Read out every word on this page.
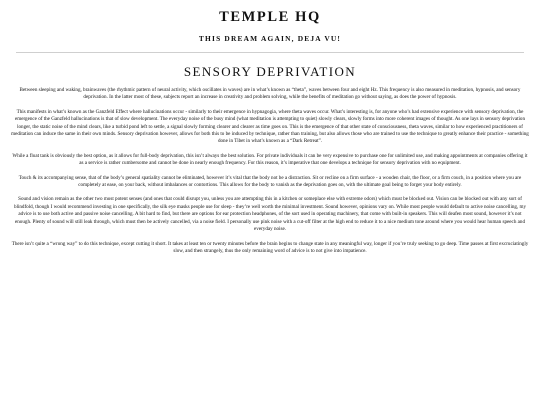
TEMPLE HQ

THIS DREAM AGAIN, DEJA VU!

SENSORY DEPRIVATION

Between sleeping and waking, brainwaves (the rhythmic pattern of neural activity, which oscillates in waves) are in what’s known as “theta”, waves between four and eight Hz. This frequency is also measured in meditation, hypnosis, and sensory deprivation. In the latter most of these, subjects report an increase in creativity and problem solving, while the benefits of meditation go without saying, as does the power of hypnosis.

This manifests in what’s known as the Ganzfeld Effect where hallucinations occur - similarly to their emergence in hypnagogia, where theta waves occur. What’s interesting is, for anyone who’s had extensive experience with sensory deprivation, the emergence of the Ganzfeld hallucinations is that of slow development. The everyday noise of the busy mind (what meditation is attempting to quiet) slowly clears, slowly forms into more coherent images of thought. As one lays in sensory deprivation longer, the static noise of the mind clears, like a turbid pond left to settle, a signal slowly forming clearer and clearer as time goes on. This is the emergence of that other state of consciousness, theta waves, similar to how experienced practitioners of meditation can induce the same in their own minds. Sensory deprivation however, allows for both this to be induced by technique, rather than training, but also allows those who are trained to use the technique to greatly enhance their practice - something done in Tibet in what’s known as a “Dark Retreat”.

While a float tank is obviously the best option, as it allows for full-body deprivation, this isn’t always the best solution. For private individuals it can be very expensive to purchase one for unlimited use, and making appointments at companies offering it as a service is rather cumbersome and cannot be done in nearly enough frequency. For this reason, it’s imperative that one develops a technique for sensory deprivation with no equipment.

Touch & its accompanying sense, that of the body’s general spatiality cannot be eliminated, however it’s vital that the body not be a distraction. Sit or recline on a firm surface - a wooden chair, the floor, or a firm couch, in a position where you are completely at ease, on your back, without imbalances or contortions. This allows for the body to vanish as the deprivation goes on, with the ultimate goal being to forget your body entirely.

Sound and vision remain as the other two most potent senses (and ones that could disrupt you, unless you are attempting this in a kitchen or someplace else with extreme odors) which must be blocked out. Vision can be blocked out with any sort of blindfold, though I would recommend investing in one specifically, the silk eye masks people use for sleep - they’re well worth the minimal investment. Sound however, opinions vary on. While most people would default to active noise cancelling, my advice is to use both active and passive noise cancelling. A bit hard to find, but there are options for ear protection headphones, of the sort used in operating machinery, that come with built-in speakers. This will deafen most sound, however it’s not enough. Plenty of sound will still leak through, which must then be actively cancelled, via a noise field. I personally use pink noise with a cut-off filter at the high end to reduce it to a nice medium tone around where you would hear human speech and everyday noise.

There isn’t quite a “wrong way” to do this technique, except cutting it short. It takes at least ten or twenty minutes before the brain begins to change state in any meaningful way, longer if you’re truly seeking to go deep. Time passes at first excruciatingly slow, and then strangely, thus the only remaining word of advice is to not give into impatience.
